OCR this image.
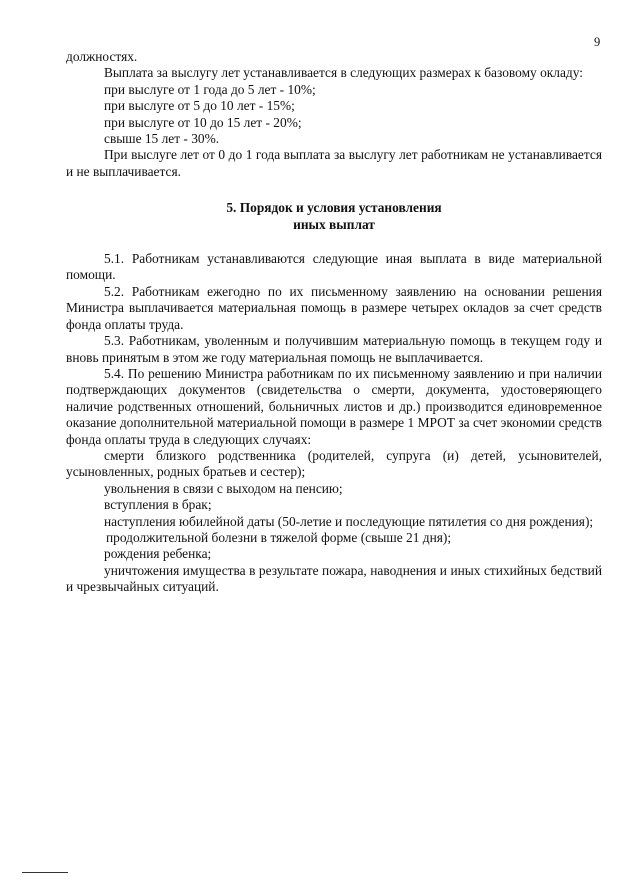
9

должностях.

Выплата за выслугу лет устанавливается в следующих размерах к базовому окладу:

при выслуге от 1 года до 5 лет - 10%;

при выслуге от 5 до 10 лет - 15%;

при выслуге от 10 до 15 лет - 20%;

свыше 15 лет - 30%.

При выслуге лет от 0 до 1 года выплата за выслугу лет работникам не устанавливается и не выплачивается.

5. Порядок и условия установления
иных выплат

5.1. Работникам устанавливаются следующие иная выплата в виде материальной помощи.

5.2. Работникам ежегодно по их письменному заявлению на основании решения Министра выплачивается материальная помощь в размере четырех окладов за счет средств фонда оплаты труда.

5.3. Работникам, уволенным и получившим материальную помощь в текущем году и вновь принятым в этом же году материальная помощь не выплачивается.

5.4. По решению Министра работникам по их письменному заявлению и при наличии подтверждающих документов (свидетельства о смерти, документа, удостоверяющего наличие родственных отношений, больничных листов и др.) производится единовременное оказание дополнительной материальной помощи в размере 1 МРОТ за счет экономии средств фонда оплаты труда в следующих случаях:

смерти близкого родственника (родителей, супруга (и) детей, усыновителей, усыновленных, родных братьев и сестер);

увольнения в связи с выходом на пенсию;

вступления в брак;

наступления юбилейной даты (50-летие и последующие пятилетия со дня рождения);

продолжительной болезни в тяжелой форме (свыше 21 дня);

рождения ребенка;

уничтожения имущества в результате пожара, наводнения и иных стихийных бедствий и чрезвычайных ситуаций.
